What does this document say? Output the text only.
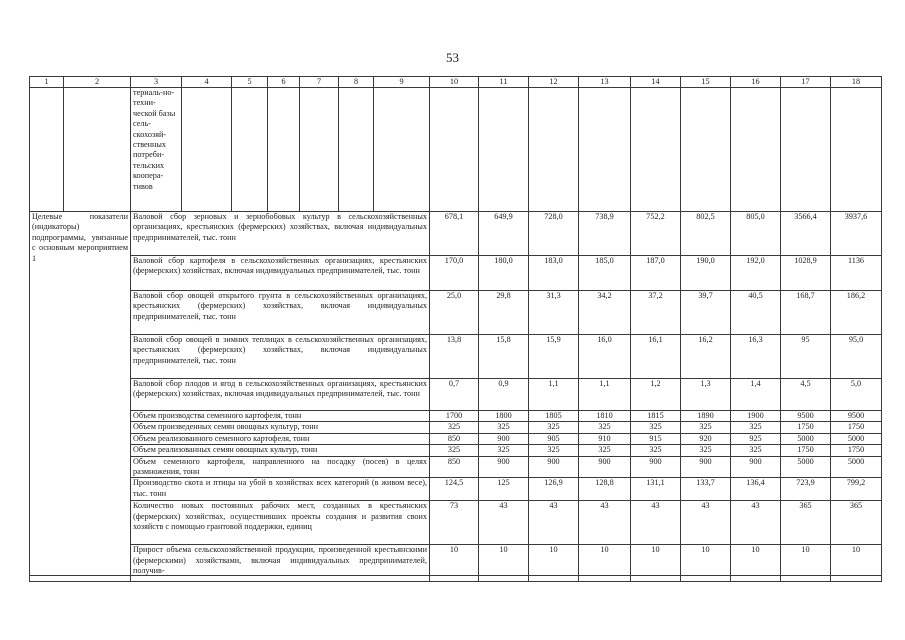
53
1	2	3	4	5	6	7	8	9	10	11	12	13	14	15	16	17	18
		териаль-но-техни-ческой базы сель-скохозяй-ственных потреби-тельских коопера-тивов															
Целевые показатели (индикаторы) подпрограммы, увязанные с основным мероприятием 1		Валовой сбор зерновых и зернобобовых культур в сельскохозяйственных организациях, крестьянских (фермерских) хозяйствах, включая индивидуальных предпринимателей, тыс. тонн							678,1	649,9	728,0	738,9	752,2	802,5	805,0	3566,4	3937,6
		Валовой сбор картофеля в сельскохозяйственных организациях, крестьянских (фермерских) хозяйствах, включая индивидуальных предпринимателей, тыс. тонн							170,0	180,0	183,0	185,0	187,0	190,0	192,0	1028,9	1136
		Валовой сбор овощей открытого грунта в сельскохозяйственных организациях, крестьянских (фермерских) хозяйствах, включая индивидуальных предпринимателей, тыс. тонн							25,0	29,8	31,3	34,2	37,2	39,7	40,5	168,7	186,2
		Валовой сбор овощей в зимних теплицах в сельскохозяйственных организациях, крестьянских (фермерских) хозяйствах, включая индивидуальных предпринимателей, тыс. тонн							13,8	15,8	15,9	16,0	16,1	16,2	16,3	95	95,0
		Валовой сбор плодов и ягод в сельскохозяйственных организациях, крестьянских (фермерских) хозяйствах, включая индивидуальных предпринимателей, тыс. тонн							0,7	0,9	1,1	1,1	1,2	1,3	1,4	4,5	5,0
		Объем производства семенного картофеля, тонн							1700	1800	1805	1810	1815	1890	1900	9500	9500
		Объем произведенных семян овощных культур, тонн							325	325	325	325	325	325	325	1750	1750
		Объем реализованного семенного картофеля, тонн							850	900	905	910	915	920	925	5000	5000
		Объем реализованных семян овощных культур, тонн							325	325	325	325	325	325	325	1750	1750
		Объем семенного картофеля, направленного на посадку (посев) в целях размножения, тонн							850	900	900	900	900	900	900	5000	5000
		Производство скота и птицы на убой в хозяйствах всех категорий (в живом весе), тыс. тонн							124,5	125	126,9	128,8	131,1	133,7	136,4	723,9	799,2
		Количество новых постоянных рабочих мест, созданных в крестьянских (фермерских) хозяйствах, осуществивших проекты создания и развития своих хозяйств с помощью грантовой поддержки, единиц							73	43	43	43	43	43	43	365	365
		Прирост объема сельскохозяйственной продукции, произведенной крестьянскими (фермерскими) хозяйствами, включая индивидуальных предпринимателей, получив-							10	10	10	10	10	10	10	10	10
